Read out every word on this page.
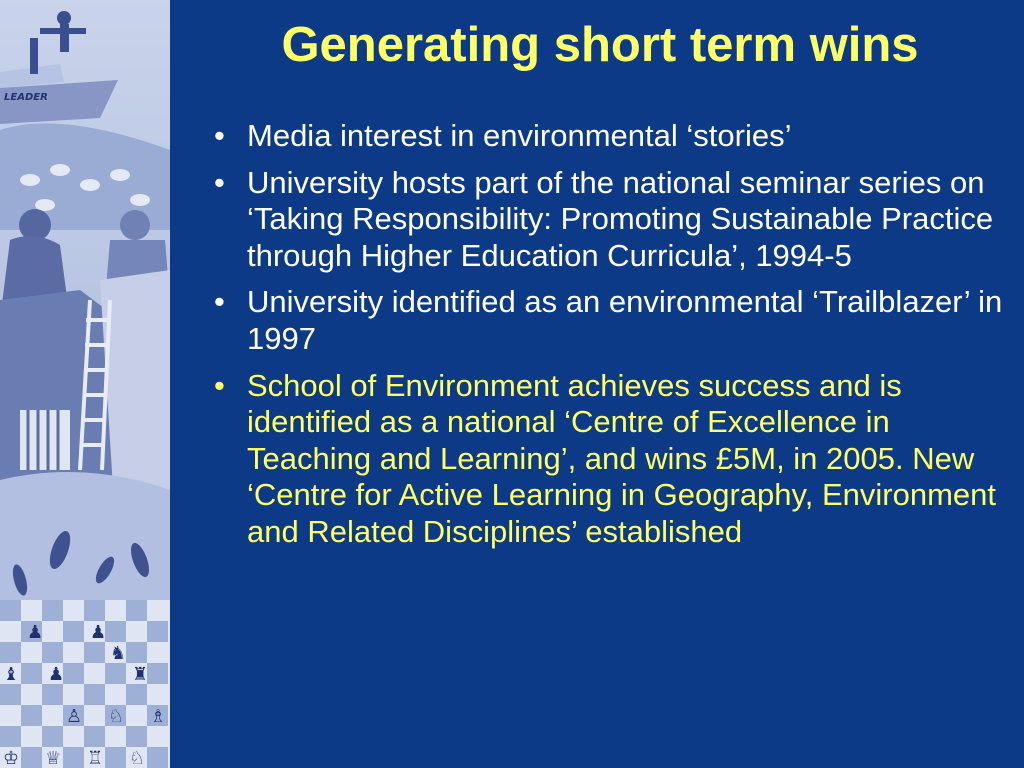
LEADER
♟	♟
♞
♝ ♟	♜
♙ ♘ ♗
♔ ♕ ♖ ♘
Generating short term wins
• Media interest in environmental ‘stories’
• University hosts part of the national seminar series on ‘Taking Responsibility: Promoting Sustainable Practice through Higher Education Curricula’, 1994-5
• University identified as an environmental ‘Trailblazer’ in 1997
• School of Environment achieves success and is identified as a national ‘Centre of Excellence in Teaching and Learning’, and wins £5M, in 2005. New ‘Centre for Active Learning in Geography, Environment and Related Disciplines’ established
